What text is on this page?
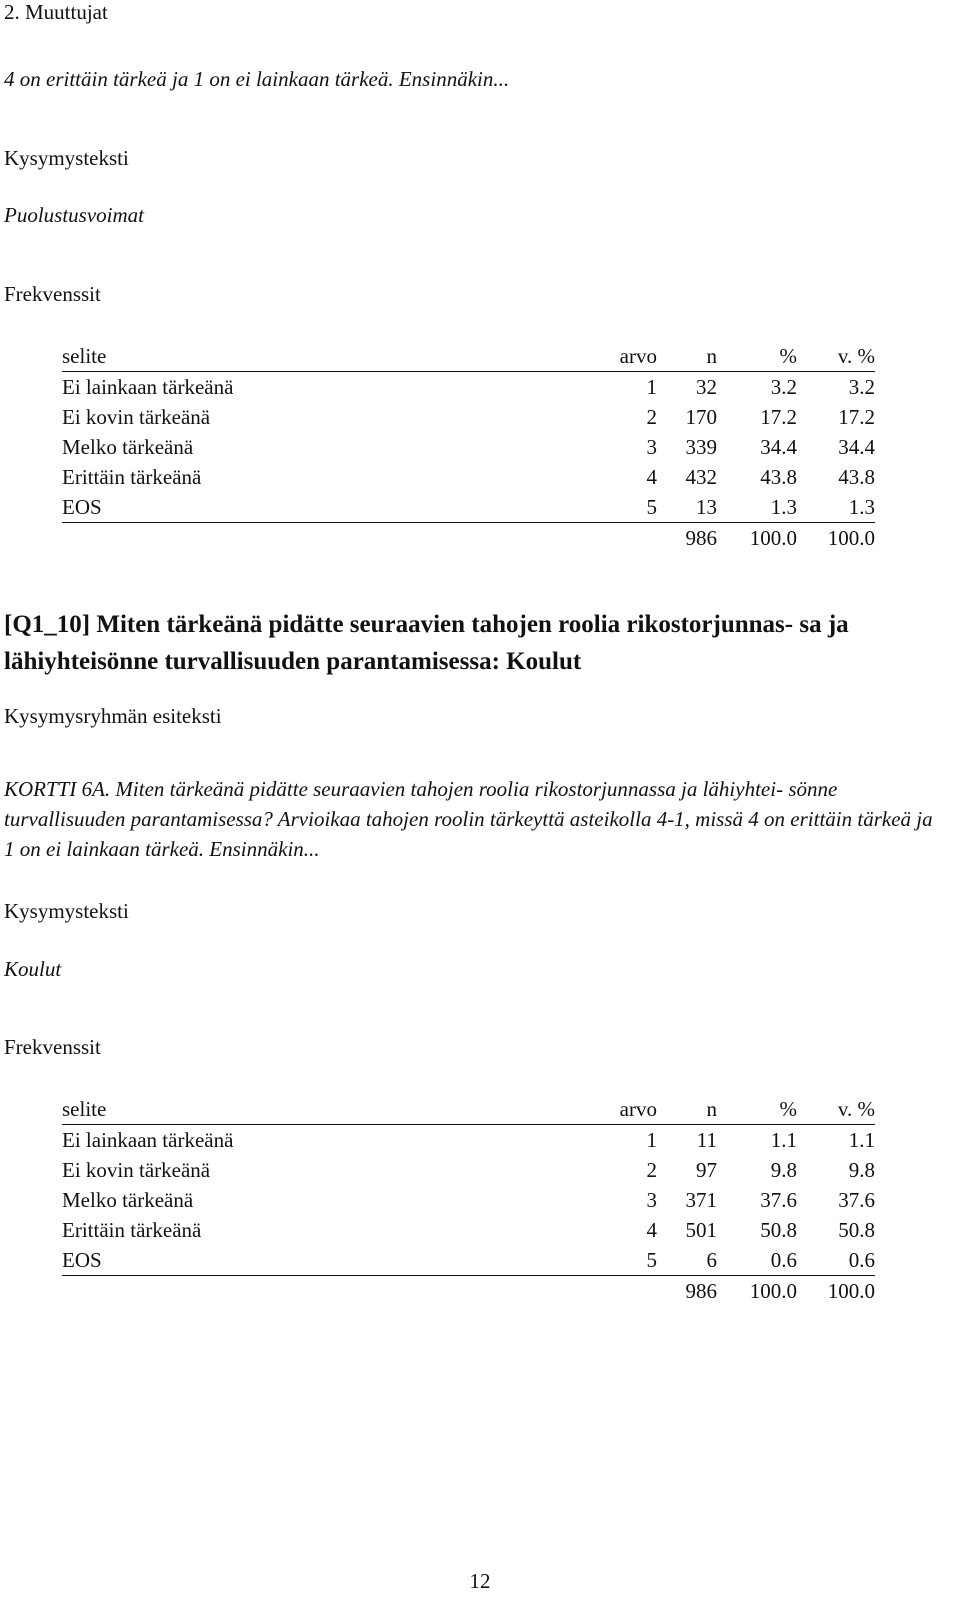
2. Muuttujat
4 on erittäin tärkeä ja 1 on ei lainkaan tärkeä. Ensinnäkin...
Kysymysteksti
Puolustusvoimat
Frekvenssit
selite	arvo	n	%	v. %
Ei lainkaan tärkeänä	1	32	3.2	3.2
Ei kovin tärkeänä	2	170	17.2	17.2
Melko tärkeänä	3	339	34.4	34.4
Erittäin tärkeänä	4	432	43.8	43.8
EOS	5	13	1.3	1.3
		986	100.0	100.0
[Q1_10] Miten tärkeänä pidätte seuraavien tahojen roolia rikostorjunnas- sa ja lähiyhteisönne turvallisuuden parantamisessa: Koulut
Kysymysryhmän esiteksti
KORTTI 6A. Miten tärkeänä pidätte seuraavien tahojen roolia rikostorjunnassa ja lähiyhtei- sönne turvallisuuden parantamisessa? Arvioikaa tahojen roolin tärkeyttä asteikolla 4-1, missä 4 on erittäin tärkeä ja 1 on ei lainkaan tärkeä. Ensinnäkin...
Kysymysteksti
Koulut
Frekvenssit
selite	arvo	n	%	v. %
Ei lainkaan tärkeänä	1	11	1.1	1.1
Ei kovin tärkeänä	2	97	9.8	9.8
Melko tärkeänä	3	371	37.6	37.6
Erittäin tärkeänä	4	501	50.8	50.8
EOS	5	6	0.6	0.6
		986	100.0	100.0
12
